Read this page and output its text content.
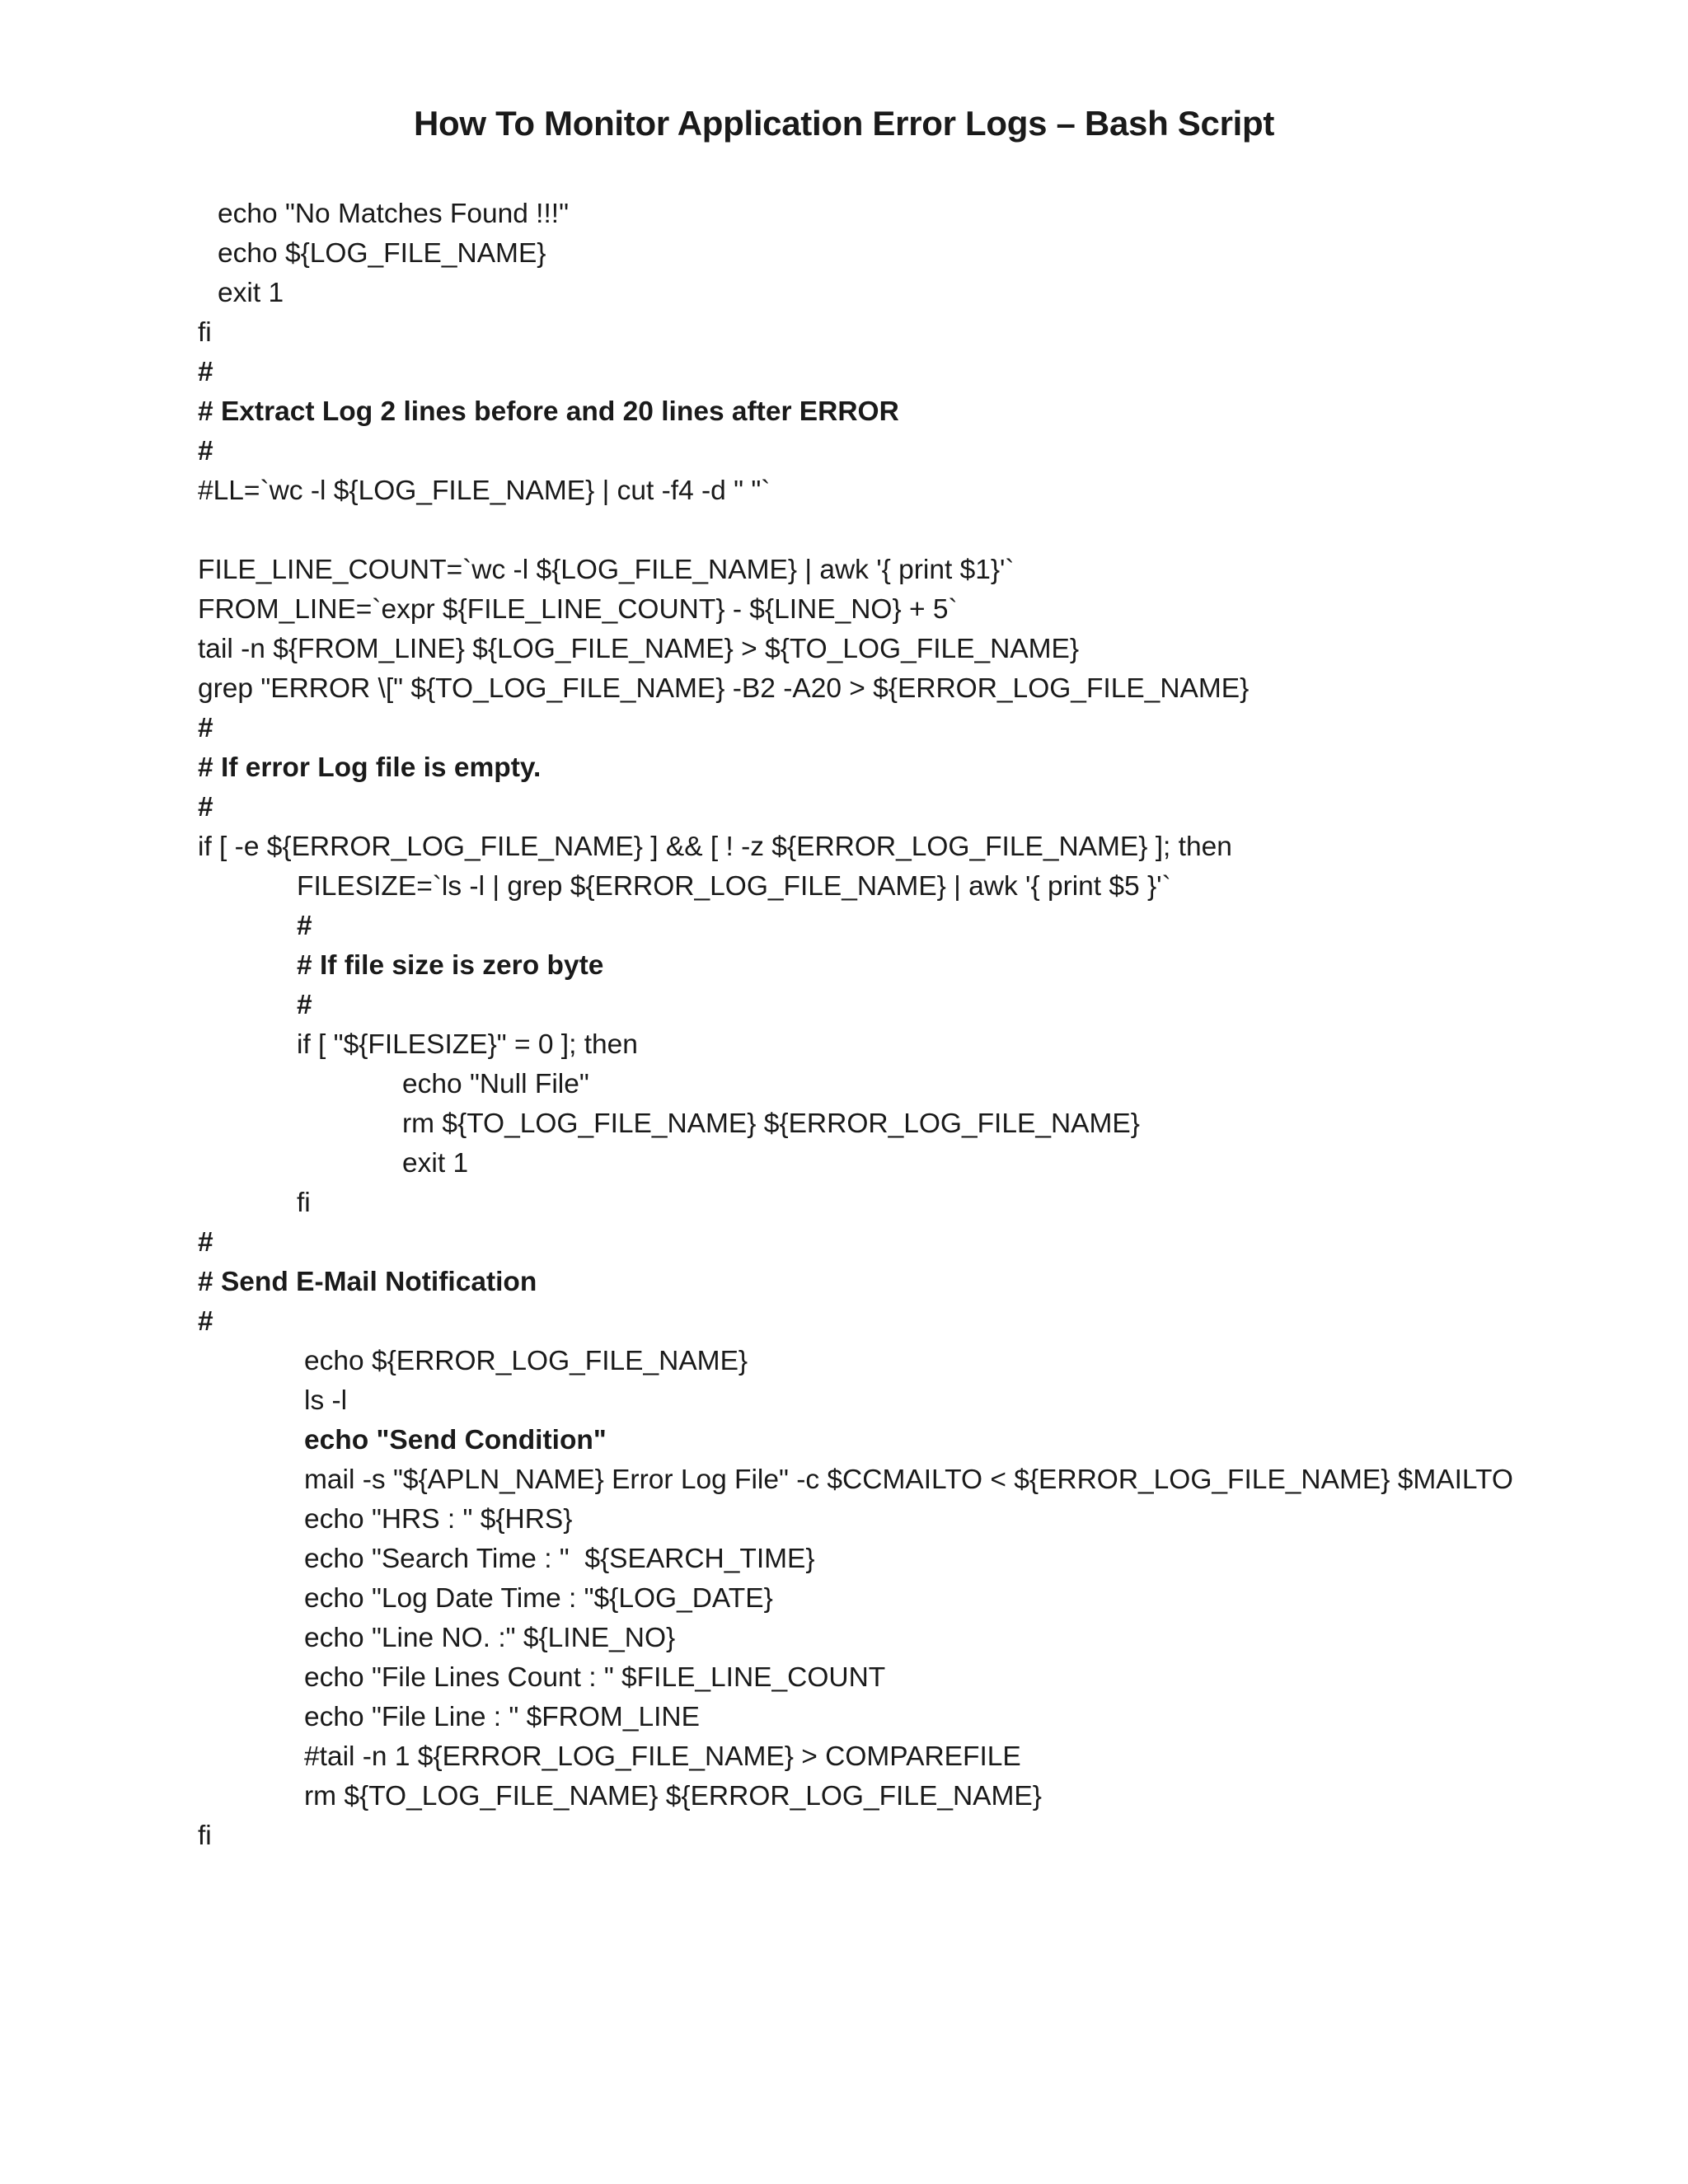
How To Monitor Application Error Logs – Bash Script
echo "No Matches Found !!!"
echo ${LOG_FILE_NAME}
exit 1
fi
#
# Extract Log 2 lines before and 20 lines after ERROR
#
#LL=`wc -l ${LOG_FILE_NAME} | cut -f4 -d " "`
FILE_LINE_COUNT=`wc -l ${LOG_FILE_NAME} | awk '{ print $1}'`
FROM_LINE=`expr ${FILE_LINE_COUNT} - ${LINE_NO} + 5`
tail -n ${FROM_LINE} ${LOG_FILE_NAME} > ${TO_LOG_FILE_NAME}
grep "ERROR \[" ${TO_LOG_FILE_NAME} -B2 -A20 > ${ERROR_LOG_FILE_NAME}
#
# If error Log file is empty.
#
if [ -e ${ERROR_LOG_FILE_NAME} ] && [ ! -z ${ERROR_LOG_FILE_NAME} ]; then
FILESIZE=`ls -l | grep ${ERROR_LOG_FILE_NAME} | awk '{ print $5 }'`
#
# If file size is zero byte
#
if [ "${FILESIZE}" = 0 ]; then
echo "Null File"
rm ${TO_LOG_FILE_NAME} ${ERROR_LOG_FILE_NAME}
exit 1
fi
#
# Send E-Mail Notification
#
echo ${ERROR_LOG_FILE_NAME}
ls -l
echo "Send Condition"
mail -s "${APLN_NAME} Error Log File" -c $CCMAILTO < ${ERROR_LOG_FILE_NAME} $MAILTO
echo "HRS : " ${HRS}
echo "Search Time : "  ${SEARCH_TIME}
echo "Log Date Time : "${LOG_DATE}
echo "Line NO. :" ${LINE_NO}
echo "File Lines Count : " $FILE_LINE_COUNT
echo "File Line : " $FROM_LINE
#tail -n 1 ${ERROR_LOG_FILE_NAME} > COMPAREFILE
rm ${TO_LOG_FILE_NAME} ${ERROR_LOG_FILE_NAME}
fi
